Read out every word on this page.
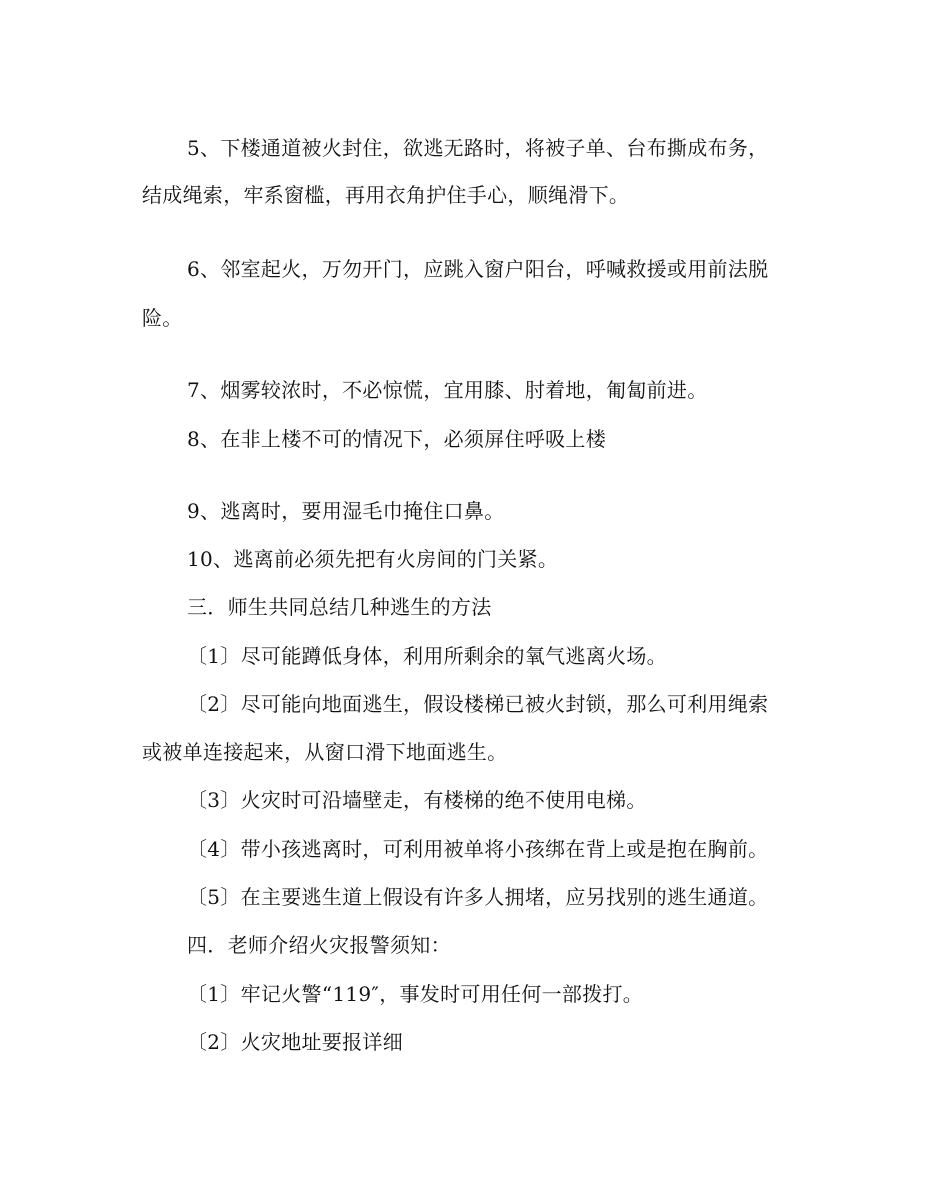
5、下楼通道被火封住，欲逃无路时，将被子单、台布撕成布务，

结成绳索，牢系窗槛，再用衣角护住手心，顺绳滑下。

6、邻室起火，万勿开门，应跳入窗户阳台，呼喊救援或用前法脱

险。

7、烟雾较浓时，不必惊慌，宜用膝、肘着地，匍匐前进。

8、在非上楼不可的情况下，必须屏住呼吸上楼

9、逃离时，要用湿毛巾掩住口鼻。

10、逃离前必须先把有火房间的门关紧。

三．师生共同总结几种逃生的方法

〔1〕尽可能蹲低身体，利用所剩余的氧气逃离火场。

〔2〕尽可能向地面逃生，假设楼梯已被火封锁，那么可利用绳索

或被单连接起来，从窗口滑下地面逃生。

〔3〕火灾时可沿墙壁走，有楼梯的绝不使用电梯。

〔4〕带小孩逃离时，可利用被单将小孩绑在背上或是抱在胸前。

〔5〕在主要逃生道上假设有许多人拥堵，应另找别的逃生通道。

四．老师介绍火灾报警须知：

〔1〕牢记火警“119″，事发时可用任何一部拨打。

〔2〕火灾地址要报详细
